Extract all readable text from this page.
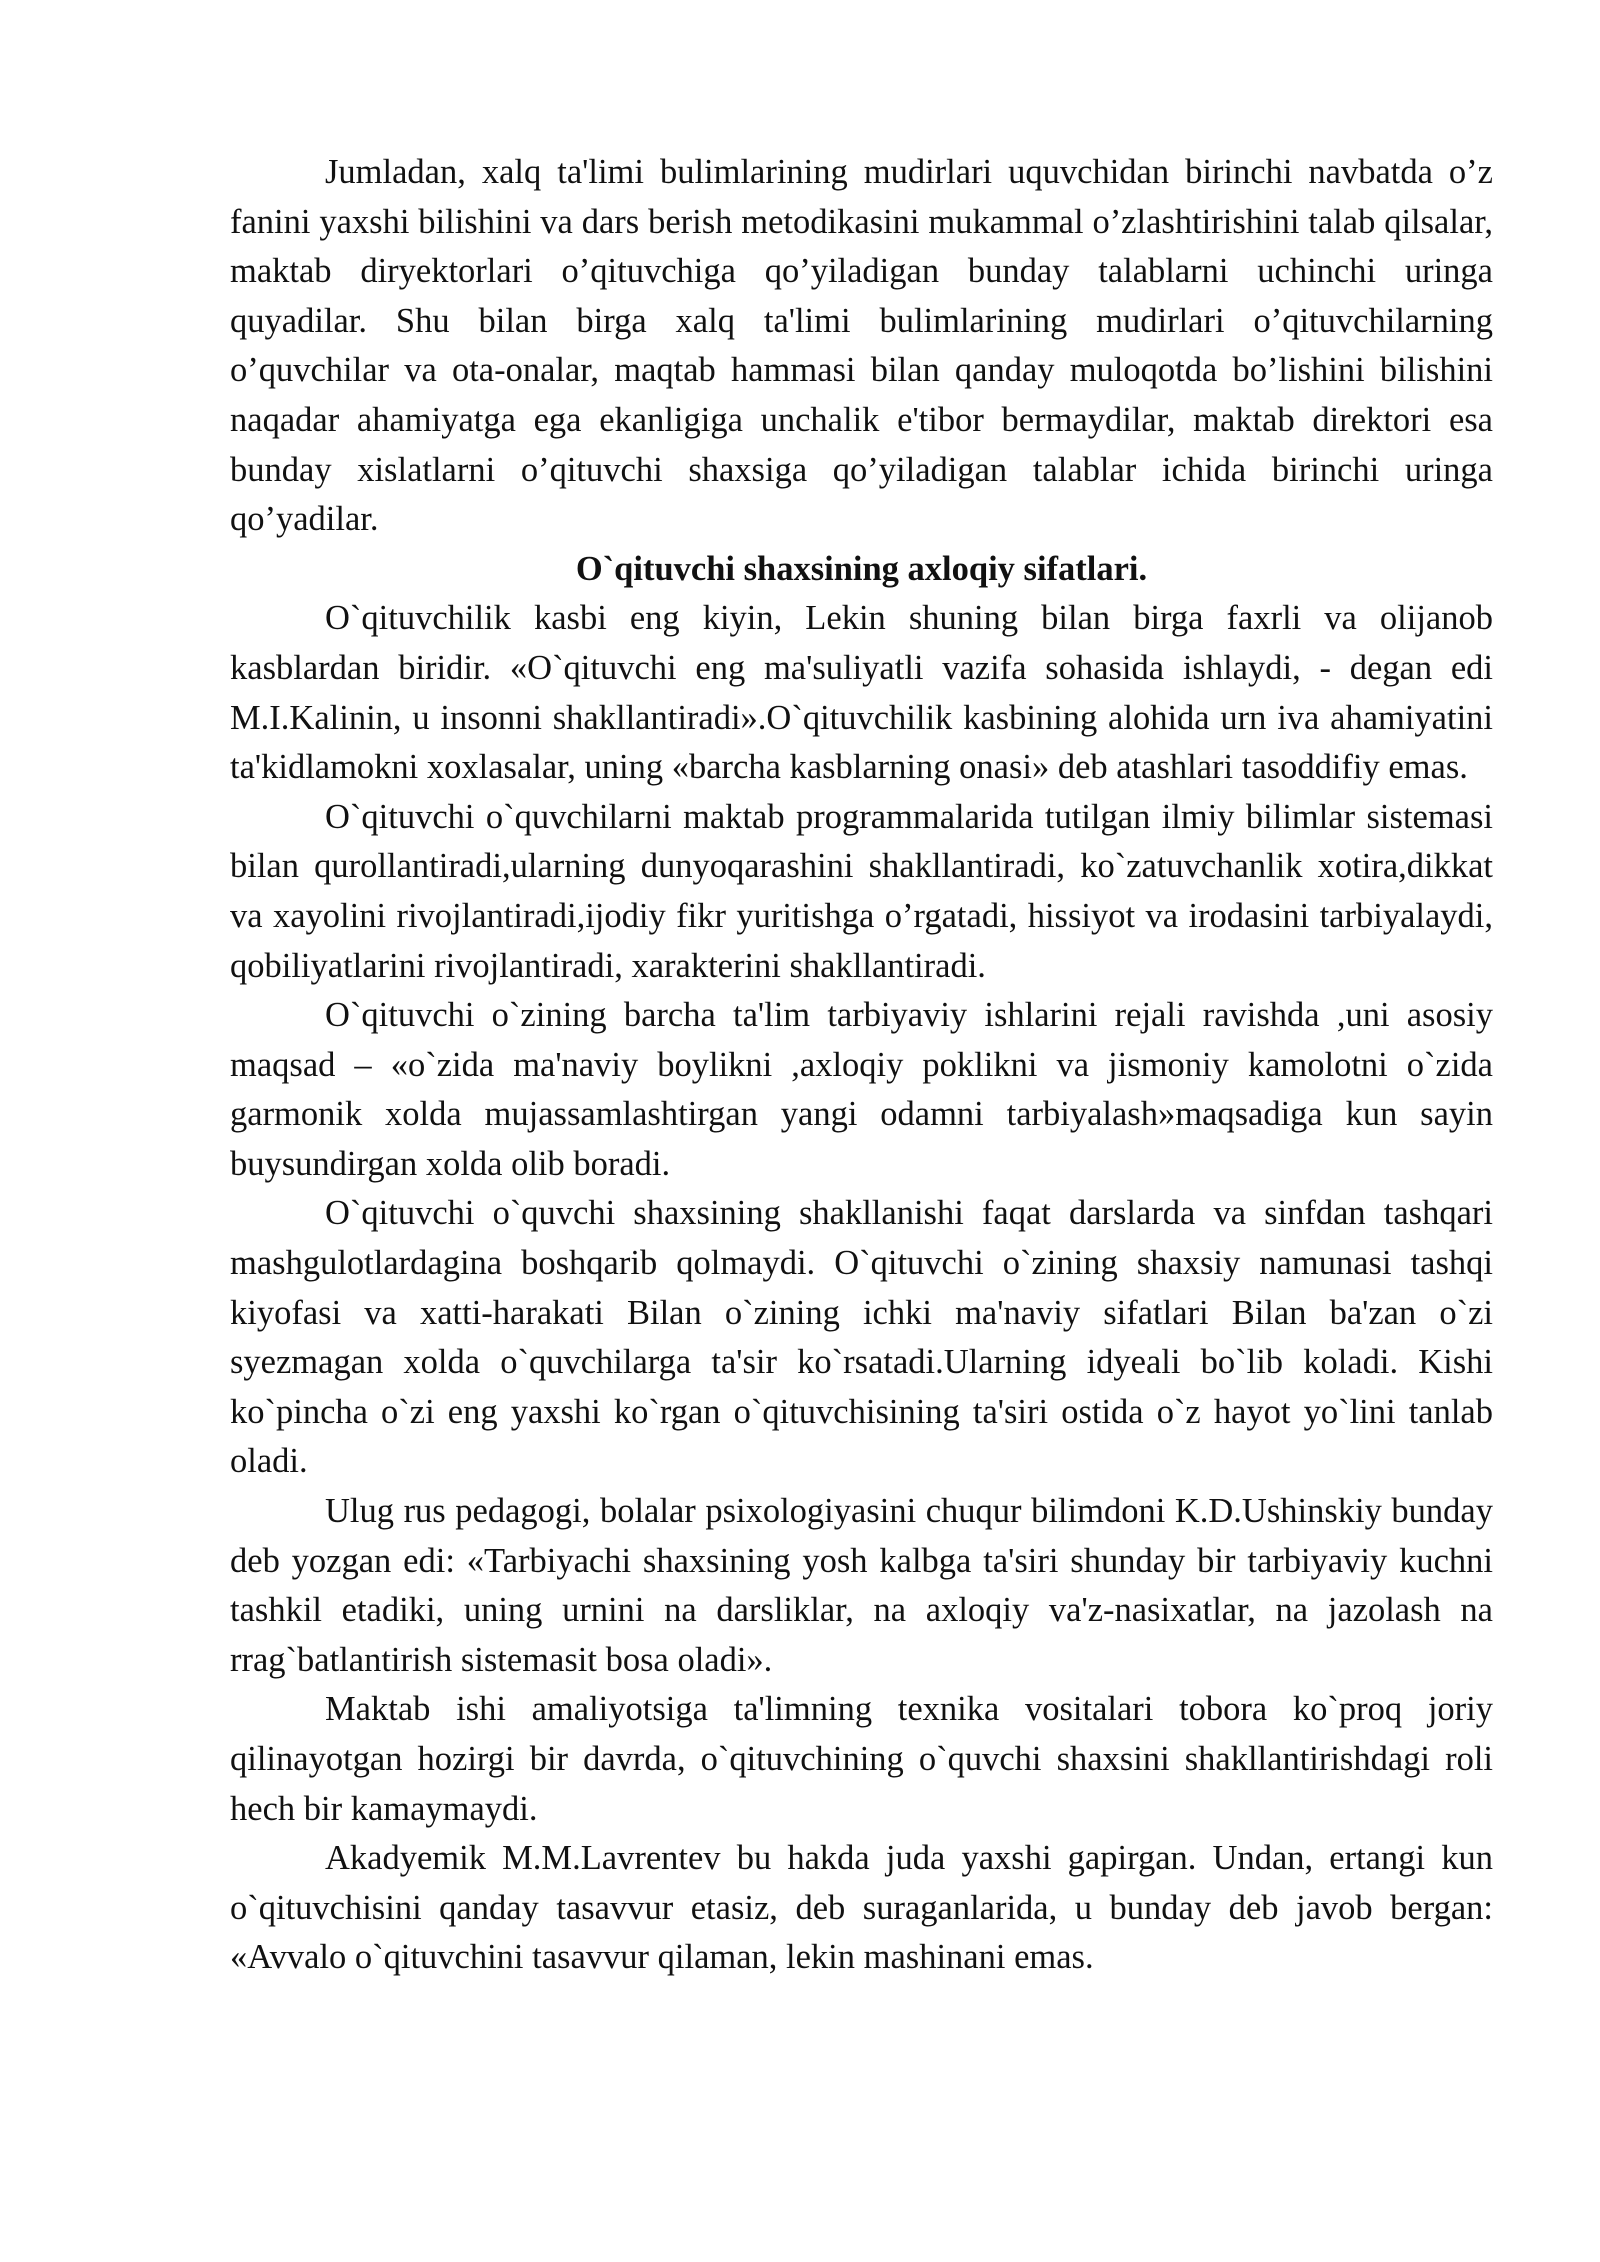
Jumladan, xalq ta'limi bulimlarining mudirlari uquvchidan birinchi navbatda o’z fanini yaxshi bilishini va dars berish metodikasini mukammal o’zlashtirishini talab qilsalar, maktab diryektorlari o’qituvchiga qo’yiladigan bunday talablarni uchinchi uringa quyadilar. Shu bilan birga xalq ta'limi bulimlarining mudirlari o’qituvchilarning o’quvchilar va ota-onalar, maqtab hammasi bilan qanday muloqotda bo’lishini bilishini naqadar ahamiyatga ega ekanligiga unchalik e'tibor bermaydilar, maktab direktori esa bunday xislatlarni o’qituvchi shaxsiga qo’yiladigan talablar ichida birinchi uringa qo’yadilar.

O`qituvchi shaxsining axloqiy sifatlari.

O`qituvchilik kasbi eng kiyin, Lekin shuning bilan birga faxrli va olijanob kasblardan biridir. «O`qituvchi eng ma'suliyatli vazifa sohasida ishlaydi, - degan edi M.I.Kalinin, u insonni shakllantiradi».O`qituvchilik kasbining alohida urn iva ahamiyatini ta'kidlamokni xoxlasalar, uning «barcha kasblarning onasi» deb atashlari tasoddifiy emas.

O`qituvchi o`quvchilarni maktab programmalarida tutilgan ilmiy bilimlar sistemasi bilan qurollantiradi,ularning dunyoqarashini shakllantiradi, ko`zatuvchanlik xotira,dikkat va xayolini rivojlantiradi,ijodiy fikr yuritishga o’rgatadi, hissiyot va irodasini tarbiyalaydi, qobiliyatlarini rivojlantiradi, xarakterini shakllantiradi.

O`qituvchi o`zining barcha ta'lim tarbiyaviy ishlarini rejali ravishda ,uni asosiy maqsad – «o`zida ma'naviy boylikni ,axloqiy poklikni va jismoniy kamolotni o`zida garmonik xolda mujassamlashtirgan yangi odamni tarbiyalash»maqsadiga kun sayin buysundirgan xolda olib boradi.

O`qituvchi o`quvchi shaxsining shakllanishi faqat darslarda va sinfdan tashqari mashgulotlardagina boshqarib qolmaydi. O`qituvchi o`zining shaxsiy namunasi tashqi kiyofasi va xatti-harakati Bilan o`zining ichki ma'naviy sifatlari Bilan ba'zan o`zi syezmagan xolda o`quvchilarga ta'sir ko`rsatadi.Ularning idyeali bo`lib koladi. Kishi ko`pincha o`zi eng yaxshi ko`rgan o`qituvchisining ta'siri ostida o`z hayot yo`lini tanlab oladi.

Ulug rus pedagogi, bolalar psixologiyasini chuqur bilimdoni K.D.Ushinskiy bunday deb yozgan edi: «Tarbiyachi shaxsining yosh kalbga ta'siri shunday bir tarbiyaviy kuchni tashkil etadiki, uning urnini na darsliklar, na axloqiy va'z-nasixatlar, na jazolash na rrag`batlantirish sistemasit bosa oladi».

Maktab ishi amaliyotsiga ta'limning texnika vositalari tobora ko`proq joriy qilinayotgan hozirgi bir davrda, o`qituvchining o`quvchi shaxsini shakllantirishdagi roli hech bir kamaymaydi.

Akadyemik M.M.Lavrentev bu hakda juda yaxshi gapirgan. Undan, ertangi kun o`qituvchisini qanday tasavvur etasiz, deb suraganlarida, u bunday deb javob bergan: «Avvalo o`qituvchini tasavvur qilaman, lekin mashinani emas.
